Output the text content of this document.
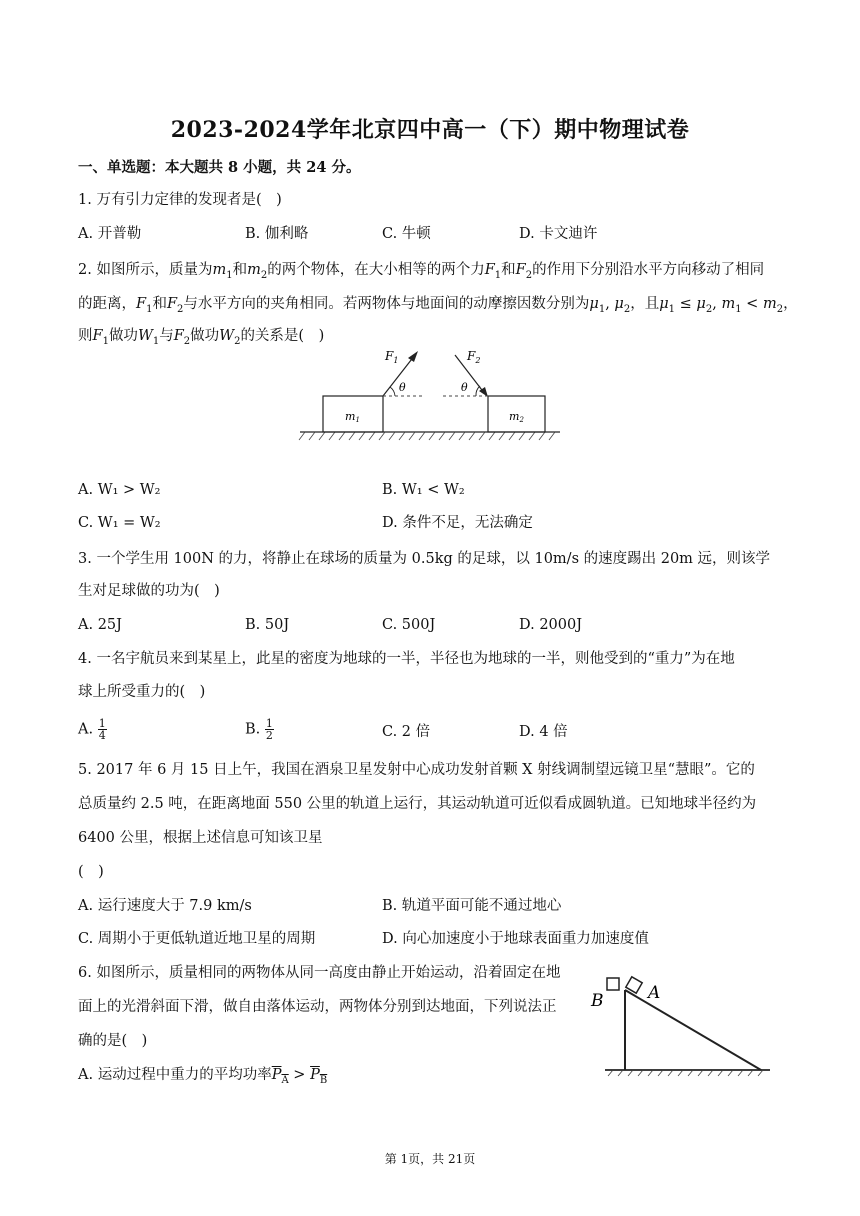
2023-2024学年北京四中高一（下）期中物理试卷
一、单选题：本大题共 8 小题，共 24 分。
1. 万有引力定律的发现者是(　)
A. 开普勒	B. 伽利略	C. 牛顿	D. 卡文迪许
2. 如图所示，质量为$m_1$和$m_2$的两个物体，在大小相等的两个力$F_1$和$F_2$的作用下分别沿水平方向移动了相同
的距离，$F_1$和$F_2$与水平方向的夹角相同。若两物体与地面间的动摩擦因数分别为$\mu_1$, $\mu_2$，且$\mu_1 \le \mu_2$, $m_1 < m_2$，
则$F_1$做功$W_1$与$F_2$做功$W_2$的关系是(　)
m1	m2
θ
$F_1$
θ
$F_2$
A. W₁ > W₂	B. W₁ < W₂
C. W₁ = W₂	D. 条件不足，无法确定
3. 一个学生用 100N 的力，将静止在球场的质量为 0.5kg 的足球，以 10m/s 的速度踢出 20m 远，则该学
生对足球做的功为(　)
A. 25J	B. 50J	C. 500J	D. 2000J
4. 一名宇航员来到某星上，此星的密度为地球的一半，半径也为地球的一半，则他受到的“重力”为在地
球上所受重力的(　)
A. $\frac{1}{4}$	B. $\frac{1}{2}$	C. 2 倍	D. 4 倍
5. 2017 年 6 月 15 日上午，我国在酒泉卫星发射中心成功发射首颗 X 射线调制望远镜卫星“慧眼”。它的
总质量约 2.5 吨，在距离地面 550 公里的轨道上运行，其运动轨道可近似看成圆轨道。已知地球半径约为
6400 公里，根据上述信息可知该卫星
(　)
A. 运行速度大于 7.9 km/s	B. 轨道平面可能不通过地心
C. 周期小于更低轨道近地卫星的周期	D. 向心加速度小于地球表面重力加速度值
6. 如图所示，质量相同的两物体从同一高度由静止开始运动，沿着固定在地
面上的光滑斜面下滑，做自由落体运动，两物体分别到达地面，下列说法正
确的是(　)
A. 运动过程中重力的平均功率$P_A > P_B$
B	A
第 1页，共 21页
